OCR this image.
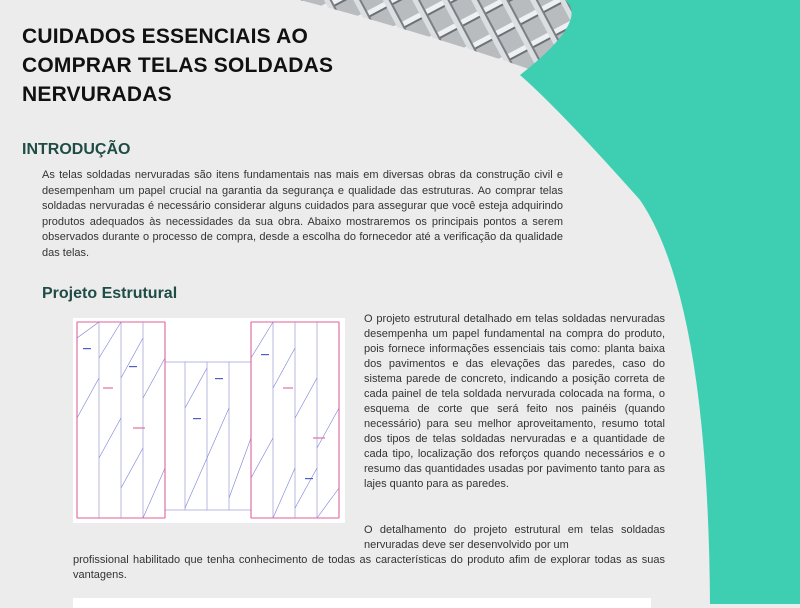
CUIDADOS ESSENCIAIS AO COMPRAR TELAS SOLDADAS NERVURADAS
INTRODUÇÃO

As telas soldadas nervuradas são itens fundamentais nas mais em diversas obras da construção civil e desempenham um papel crucial na garantia da segurança e qualidade das estruturas. Ao comprar telas soldadas nervuradas é necessário considerar alguns cuidados para assegurar que você esteja adquirindo produtos adequados às necessidades da sua obra. Abaixo mostraremos os principais pontos a serem observados durante o processo de compra, desde a escolha do fornecedor até a verificação da qualidade das telas.

Projeto Estrutural

O projeto estrutural detalhado em telas soldadas nervuradas desempenha um papel fundamental na compra do produto, pois fornece informações essenciais tais como: planta baixa dos pavimentos e das elevações das paredes, caso do sistema parede de concreto, indicando a posição correta de cada painel de tela soldada nervurada colocada na forma, o esquema de corte que será feito nos painéis (quando necessário) para seu melhor aproveitamento, resumo total dos tipos de telas soldadas nervuradas e a quantidade de cada tipo, localização dos reforços quando necessários e o resumo das quantidades usadas por pavimento tanto para as lajes quanto para as paredes.

O detalhamento do projeto estrutural em telas soldadas nervuradas deve ser desenvolvido por um

profissional habilitado que tenha conhecimento de todas as características do produto afim de explorar todas as suas vantagens.
